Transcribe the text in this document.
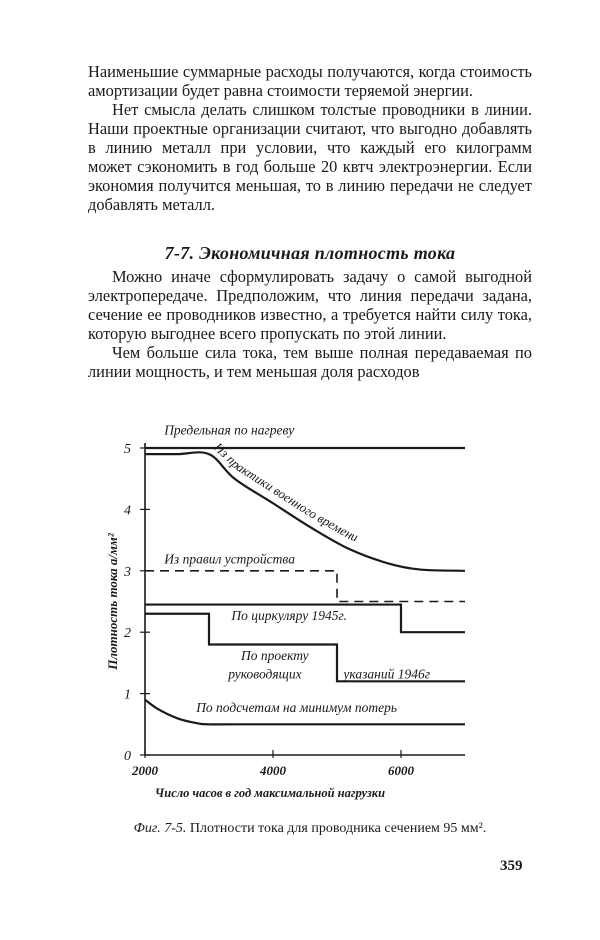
Наименьшие суммарные расходы получаются, когда стоимость амортизации будет равна стоимости теряемой энергии.

Нет смысла делать слишком толстые проводники в линии. Наши проектные организации считают, что выгодно добавлять в линию металл при условии, что каждый его килограмм может сэкономить в год больше 20 квтч электроэнергии. Если экономия получится меньшая, то в линию передачи не следует добавлять металл.

7-7. Экономичная плотность тока

Можно иначе сформулировать задачу о самой выгодной электропередаче. Предположим, что линия передачи задана, сечение ее проводников известно, а требуется найти силу тока, которую выгоднее всего пропускать по этой линии.

Чем больше сила тока, тем выше полная передаваемая по линии мощность, и тем меньшая доля расходов

0
1
2
3
4
5
2000	4000	6000
Плотность тока а/мм²
Число часов в год максимальной нагрузки
Предельная по нагреву
Из правил устройства
По циркуляру 1945г.
По проекту
руководящих	указаний 1946г
По подсчетам на минимум потерь
Из практики военного времени
Фиг. 7-5. Плотности тока для проводника сечением 95 мм².
359
